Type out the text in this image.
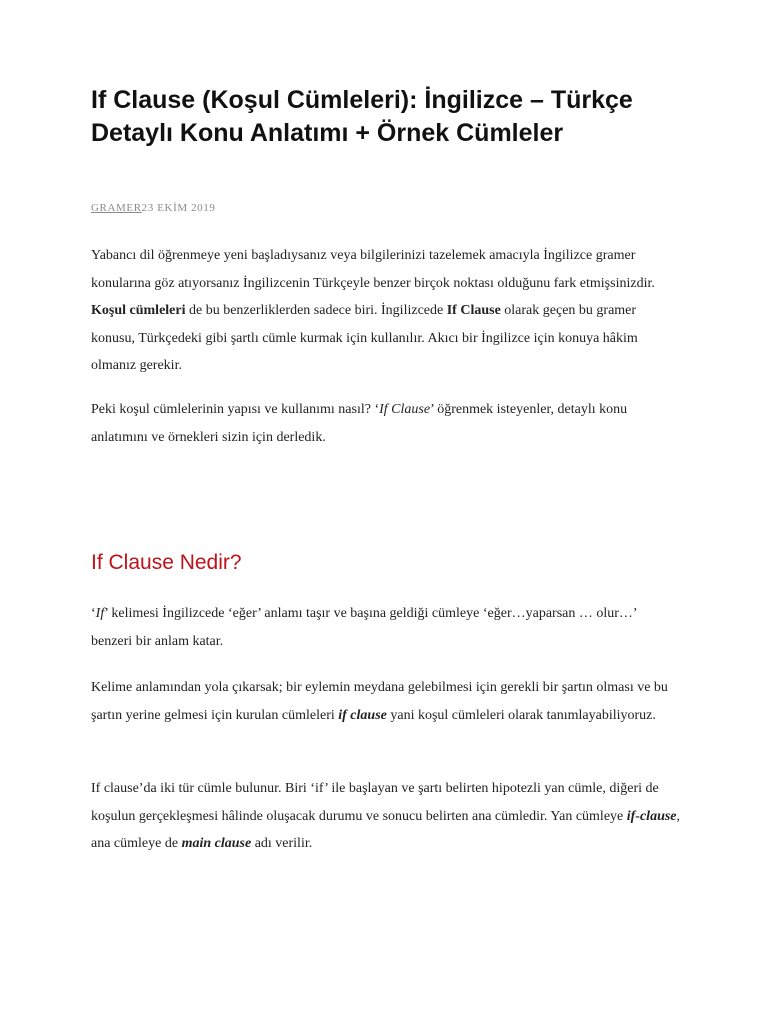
If Clause (Koşul Cümleleri): İngilizce – Türkçe Detaylı Konu Anlatımı + Örnek Cümleler
GRAMER23 EKİM 2019

Yabancı dil öğrenmeye yeni başladıysanız veya bilgilerinizi tazelemek amacıyla İngilizce gramer konularına göz atıyorsanız İngilizcenin Türkçeyle benzer birçok noktası olduğunu fark etmişsinizdir. Koşul cümleleri de bu benzerliklerden sadece biri. İngilizcede If Clause olarak geçen bu gramer konusu, Türkçedeki gibi şartlı cümle kurmak için kullanılır. Akıcı bir İngilizce için konuya hâkim olmanız gerekir.

Peki koşul cümlelerinin yapısı ve kullanımı nasıl? ‘If Clause’ öğrenmek isteyenler, detaylı konu anlatımını ve örnekleri sizin için derledik.

If Clause Nedir?

‘If’ kelimesi İngilizcede ‘eğer’ anlamı taşır ve başına geldiği cümleye ‘eğer…yaparsan … olur…’ benzeri bir anlam katar.

Kelime anlamından yola çıkarsak; bir eylemin meydana gelebilmesi için gerekli bir şartın olması ve bu şartın yerine gelmesi için kurulan cümleleri if clause yani koşul cümleleri olarak tanımlayabiliyoruz.

If clause’da iki tür cümle bulunur. Biri ‘if’ ile başlayan ve şartı belirten hipotezli yan cümle, diğeri de koşulun gerçekleşmesi hâlinde oluşacak durumu ve sonucu belirten ana cümledir. Yan cümleye if-clause, ana cümleye de main clause adı verilir.
